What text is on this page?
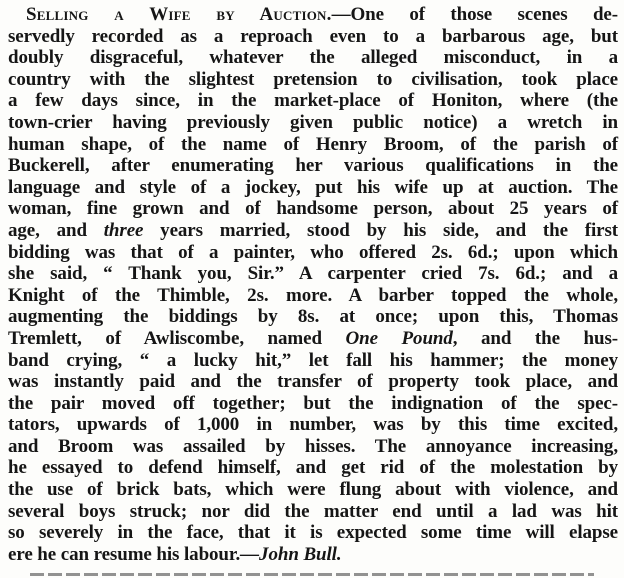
Selling a Wife by Auction.—One of those scenes de-
servedly recorded as a reproach even to a barbarous age, but
doubly disgraceful, whatever the alleged misconduct, in a
country with the slightest pretension to civilisation, took place
a few days since, in the market-place of Honiton, where (the
town-crier having previously given public notice) a wretch in
human shape, of the name of Henry Broom, of the parish of
Buckerell, after enumerating her various qualifications in the
language and style of a jockey, put his wife up at auction. The
woman, fine grown and of handsome person, about 25 years of
age, and three years married, stood by his side, and the first
bidding was that of a painter, who offered 2s. 6d.; upon which
she said, “ Thank you, Sir.” A carpenter cried 7s. 6d.; and a
Knight of the Thimble, 2s. more. A barber topped the whole,
augmenting the biddings by 8s. at once; upon this, Thomas
Tremlett, of Awliscombe, named One Pound, and the hus-
band crying, “ a lucky hit,” let fall his hammer; the money
was instantly paid and the transfer of property took place, and
the pair moved off together; but the indignation of the spec-
tators, upwards of 1,000 in number, was by this time excited,
and Broom was assailed by hisses. The annoyance increasing,
he essayed to defend himself, and get rid of the molestation by
the use of brick bats, which were flung about with violence, and
several boys struck; nor did the matter end until a lad was hit
so severely in the face, that it is expected some time will elapse
ere he can resume his labour.—John Bull.
